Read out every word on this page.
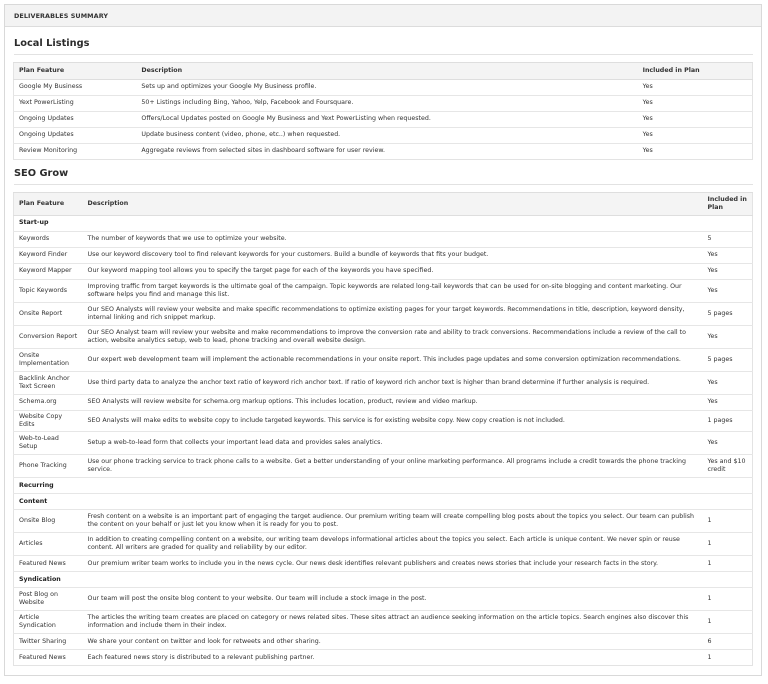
DELIVERABLES SUMMARY
Local Listings
Plan Feature	Description	Included in Plan
Google My Business	Sets up and optimizes your Google My Business profile.	Yes
Yext PowerListing	50+ Listings including Bing, Yahoo, Yelp, Facebook and Foursquare.	Yes
Ongoing Updates	Offers/Local Updates posted on Google My Business and Yext PowerListing when requested.	Yes
Ongoing Updates	Update business content (video, phone, etc..) when requested.	Yes
Review Monitoring	Aggregate reviews from selected sites in dashboard software for user review.	Yes
SEO Grow
Plan Feature	Description	Included in Plan
Start-up		
Keywords	The number of keywords that we use to optimize your website.	5
Keyword Finder	Use our keyword discovery tool to find relevant keywords for your customers. Build a bundle of keywords that fits your budget.	Yes
Keyword Mapper	Our keyword mapping tool allows you to specify the target page for each of the keywords you have specified.	Yes
Topic Keywords	Improving traffic from target keywords is the ultimate goal of the campaign. Topic keywords are related long-tail keywords that can be used for on-site blogging and content marketing. Our software helps you find and manage this list.	Yes
Onsite Report	Our SEO Analysts will review your website and make specific recommendations to optimize existing pages for your target keywords. Recommendations in title, description, keyword density, internal linking and rich snippet markup.	5 pages
Conversion Report	Our SEO Analyst team will review your website and make recommendations to improve the conversion rate and ability to track conversions. Recommendations include a review of the call to action, website analytics setup, web to lead, phone tracking and overall website design.	Yes
Onsite Implementation	Our expert web development team will implement the actionable recommendations in your onsite report. This includes page updates and some conversion optimization recommendations.	5 pages
Backlink Anchor Text Screen	Use third party data to analyze the anchor text ratio of keyword rich anchor text. If ratio of keyword rich anchor text is higher than brand determine if further analysis is required.	Yes
Schema.org	SEO Analysts will review website for schema.org markup options. This includes location, product, review and video markup.	Yes
Website Copy Edits	SEO Analysts will make edits to website copy to include targeted keywords. This service is for existing website copy. New copy creation is not included.	1 pages
Web-to-Lead Setup	Setup a web-to-lead form that collects your important lead data and provides sales analytics.	Yes
Phone Tracking	Use our phone tracking service to track phone calls to a website. Get a better understanding of your online marketing performance. All programs include a credit towards the phone tracking service.	Yes and $10 credit
Recurring		
Content		
Onsite Blog	Fresh content on a website is an important part of engaging the target audience. Our premium writing team will create compelling blog posts about the topics you select. Our team can publish the content on your behalf or just let you know when it is ready for you to post.	1
Articles	In addition to creating compelling content on a website, our writing team develops informational articles about the topics you select. Each article is unique content. We never spin or reuse content. All writers are graded for quality and reliability by our editor.	1
Featured News	Our premium writer team works to include you in the news cycle. Our news desk identifies relevant publishers and creates news stories that include your research facts in the story.	1
Syndication		
Post Blog on Website	Our team will post the onsite blog content to your website. Our team will include a stock image in the post.	1
Article Syndication	The articles the writing team creates are placed on category or news related sites. These sites attract an audience seeking information on the article topics. Search engines also discover this information and include them in their index.	1
Twitter Sharing	We share your content on twitter and look for retweets and other sharing.	6
Featured News	Each featured news story is distributed to a relevant publishing partner.	1
